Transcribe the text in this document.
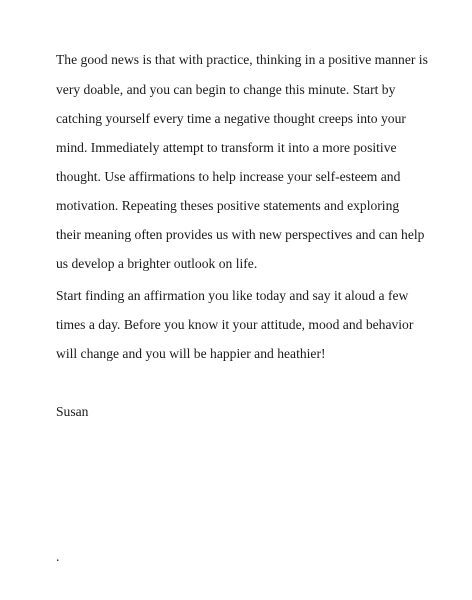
The good news is that with practice, thinking in a positive manner is
very doable, and you can begin to change this minute. Start by
catching yourself every time a negative thought creeps into your
mind. Immediately attempt to transform it into a more positive
thought. Use affirmations to help increase your self-esteem and
motivation. Repeating theses positive statements and exploring
their meaning often provides us with new perspectives and can help
us develop a brighter outlook on life.
Start finding an affirmation you like today and say it aloud a few
times a day. Before you know it your attitude, mood and behavior
will change and you will be happier and heathier!
Susan
.
